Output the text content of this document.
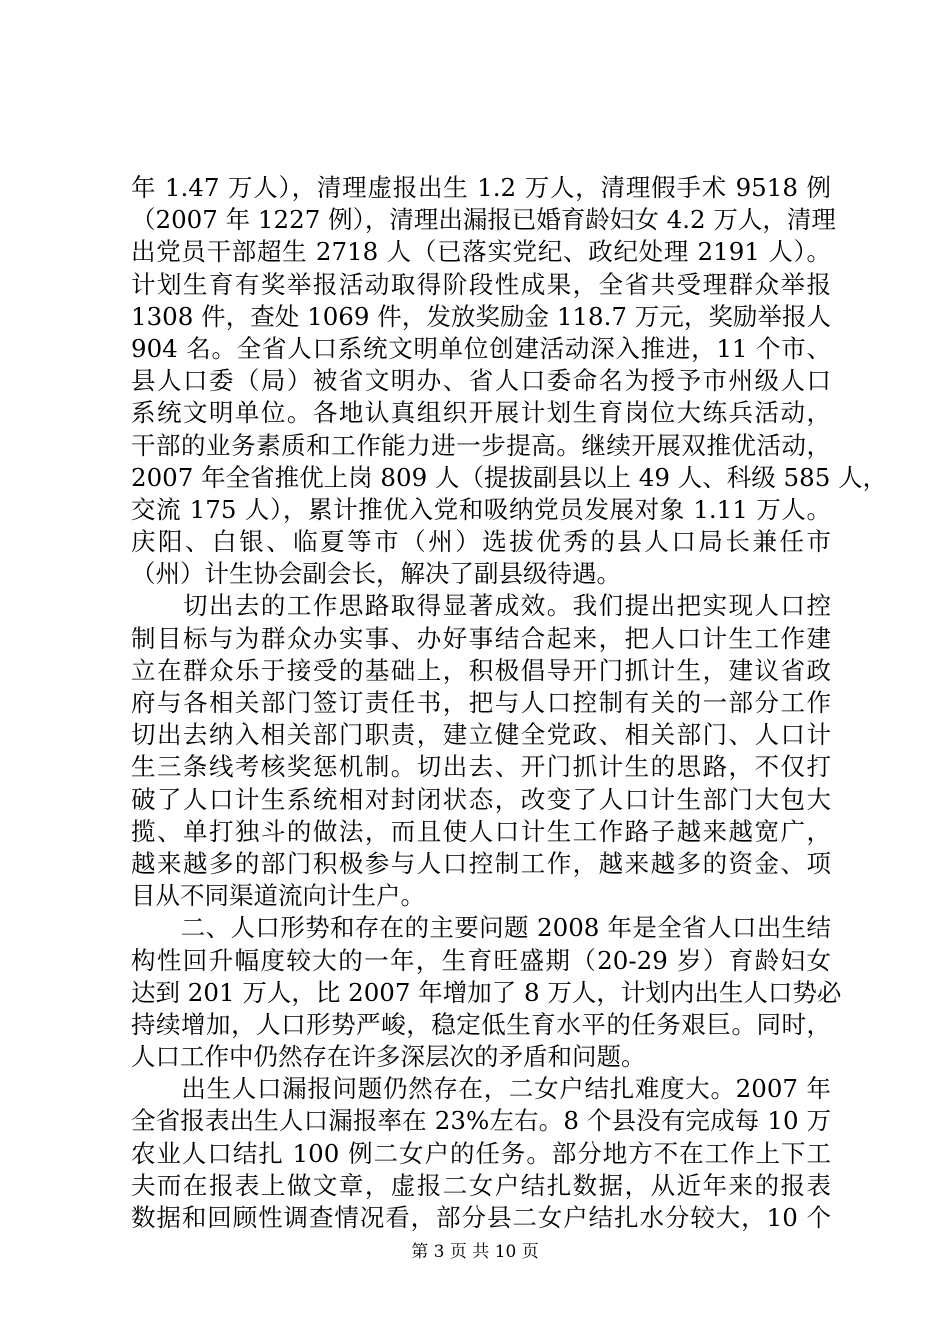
年 1.47 万人），清理虚报出生 1.2 万人，清理假手术 9518 例
（2007 年 1227 例），清理出漏报已婚育龄妇女 4.2 万人，清理
出党员干部超生 2718 人（已落实党纪、政纪处理 2191 人）。
计划生育有奖举报活动取得阶段性成果，全省共受理群众举报
1308 件，查处 1069 件，发放奖励金 118.7 万元，奖励举报人
904 名。全省人口系统文明单位创建活动深入推进，11 个市、
县人口委（局）被省文明办、省人口委命名为授予市州级人口
系统文明单位。各地认真组织开展计划生育岗位大练兵活动，
干部的业务素质和工作能力进一步提高。继续开展双推优活动，
2007 年全省推优上岗 809 人（提拔副县以上 49 人、科级 585 人，
交流 175 人），累计推优入党和吸纳党员发展对象 1.11 万人。
庆阳、白银、临夏等市（州）选拔优秀的县人口局长兼任市
（州）计生协会副会长，解决了副县级待遇。
　　切出去的工作思路取得显著成效。我们提出把实现人口控
制目标与为群众办实事、办好事结合起来，把人口计生工作建
立在群众乐于接受的基础上，积极倡导开门抓计生，建议省政
府与各相关部门签订责任书，把与人口控制有关的一部分工作
切出去纳入相关部门职责，建立健全党政、相关部门、人口计
生三条线考核奖惩机制。切出去、开门抓计生的思路，不仅打
破了人口计生系统相对封闭状态，改变了人口计生部门大包大
揽、单打独斗的做法，而且使人口计生工作路子越来越宽广，
越来越多的部门积极参与人口控制工作，越来越多的资金、项
目从不同渠道流向计生户。
　　二、人口形势和存在的主要问题 2008 年是全省人口出生结
构性回升幅度较大的一年，生育旺盛期（20-29 岁）育龄妇女
达到 201 万人，比 2007 年增加了 8 万人，计划内出生人口势必
持续增加，人口形势严峻，稳定低生育水平的任务艰巨。同时，
人口工作中仍然存在许多深层次的矛盾和问题。
　　出生人口漏报问题仍然存在，二女户结扎难度大。2007 年
全省报表出生人口漏报率在 23%左右。8 个县没有完成每 10 万
农业人口结扎 100 例二女户的任务。部分地方不在工作上下工
夫而在报表上做文章，虚报二女户结扎数据，从近年来的报表
数据和回顾性调查情况看，部分县二女户结扎水分较大，10 个
第 3 页 共 10 页
